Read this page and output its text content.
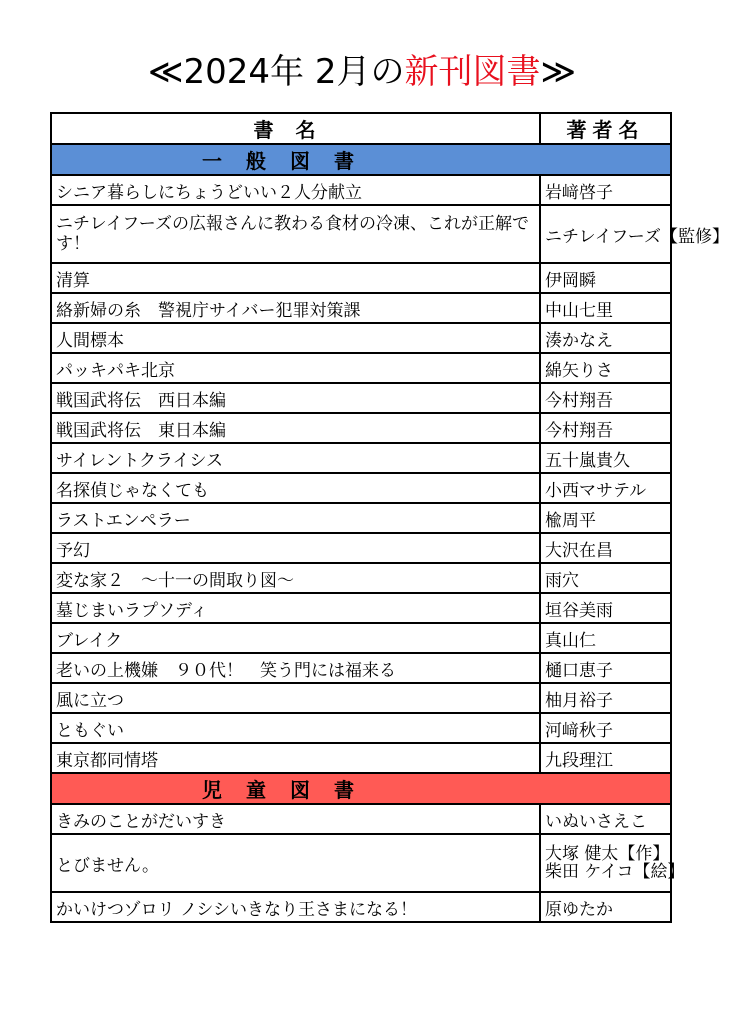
≪2024年 2月の新刊図書≫
書名	著者名
一般図書	
シニア暮らしにちょうどいい２人分献立	岩﨑啓子
ニチレイフーズの広報さんに教わる食材の冷凍、これが正解です！	ニチレイフーズ【監修】
清算	伊岡瞬
絡新婦の糸　警視庁サイバー犯罪対策課	中山七里
人間標本	湊かなえ
パッキパキ北京	綿矢りさ
戦国武将伝　西日本編	今村翔吾
戦国武将伝　東日本編	今村翔吾
サイレントクライシス	五十嵐貴久
名探偵じゃなくても	小西マサテル
ラストエンペラー	楡周平
予幻	大沢在昌
変な家２　～十一の間取り図～	雨穴
墓じまいラプソディ	垣谷美雨
ブレイク	真山仁
老いの上機嫌　９０代！　笑う門には福来る	樋口恵子
風に立つ	柚月裕子
ともぐい	河﨑秋子
東京都同情塔	九段理江
児童図書	
きみのことがだいすき	いぬいさえこ
とびません。	大塚 健太【作】
柴田 ケイコ【絵】

かいけつゾロリ ノシシいきなり王さまになる！	原ゆたか
